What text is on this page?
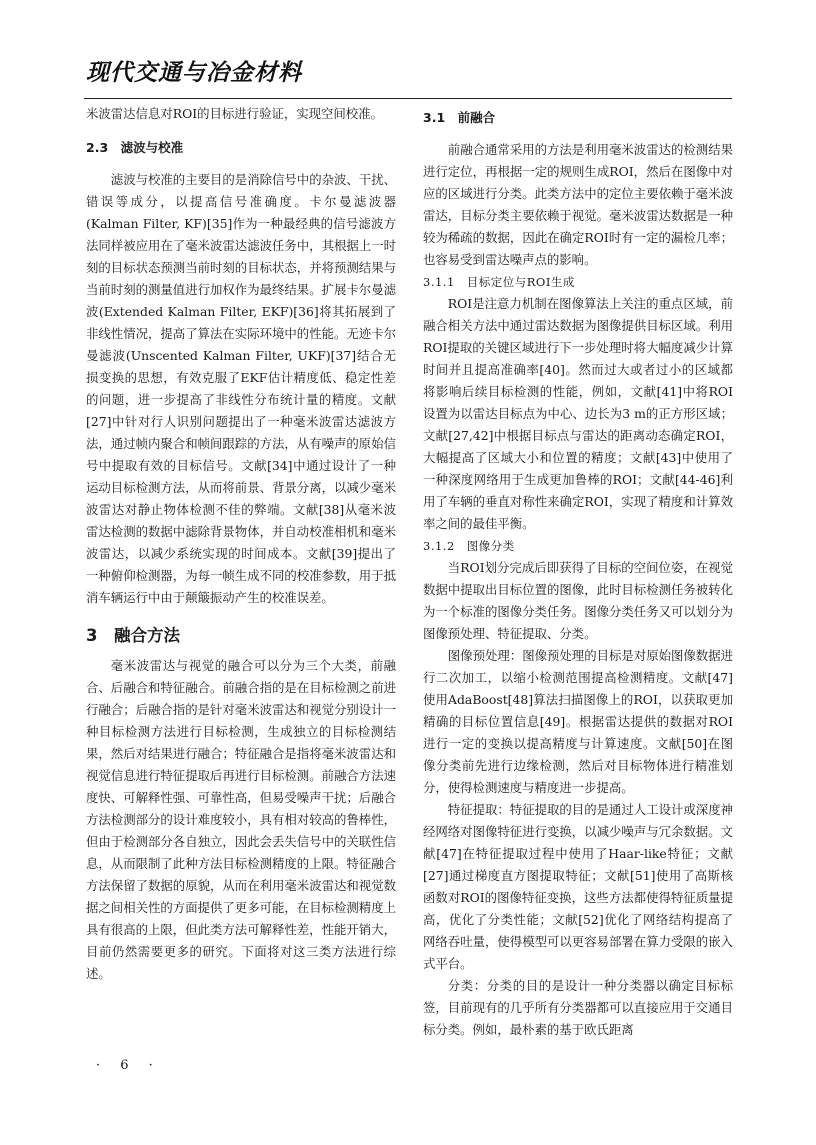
现代交通与冶金材料

米波雷达信息对ROI的目标进行验证，实现空间校准。

2.3　滤波与校准

滤波与校准的主要目的是消除信号中的杂波、干扰、错误等成分，以提高信号准确度。卡尔曼滤波器(Kalman Filter, KF)[35]作为一种最经典的信号滤波方法同样被应用在了毫米波雷达滤波任务中，其根据上一时刻的目标状态预测当前时刻的目标状态，并将预测结果与当前时刻的测量值进行加权作为最终结果。扩展卡尔曼滤波(Extended Kalman Filter, EKF)[36]将其拓展到了非线性情况，提高了算法在实际环境中的性能。无迹卡尔曼滤波(Unscented Kalman Filter, UKF)[37]结合无损变换的思想，有效克服了EKF估计精度低、稳定性差的问题，进一步提高了非线性分布统计量的精度。文献[27]中针对行人识别问题提出了一种毫米波雷达滤波方法，通过帧内聚合和帧间跟踪的方法，从有噪声的原始信号中提取有效的目标信号。文献[34]中通过设计了一种运动目标检测方法，从而将前景、背景分离，以减少毫米波雷达对静止物体检测不佳的弊端。文献[38]从毫米波雷达检测的数据中滤除背景物体，并自动校准相机和毫米波雷达，以减少系统实现的时间成本。文献[39]提出了一种俯仰检测器，为每一帧生成不同的校准参数，用于抵消车辆运行中由于颠簸振动产生的校准误差。

3　融合方法

毫米波雷达与视觉的融合可以分为三个大类，前融合、后融合和特征融合。前融合指的是在目标检测之前进行融合；后融合指的是针对毫米波雷达和视觉分别设计一种目标检测方法进行目标检测，生成独立的目标检测结果，然后对结果进行融合；特征融合是指将毫米波雷达和视觉信息进行特征提取后再进行目标检测。前融合方法速度快、可解释性强、可靠性高，但易受噪声干扰；后融合方法检测部分的设计难度较小，具有相对较高的鲁棒性，但由于检测部分各自独立，因此会丢失信号中的关联性信息，从而限制了此种方法目标检测精度的上限。特征融合方法保留了数据的原貌，从而在利用毫米波雷达和视觉数据之间相关性的方面提供了更多可能，在目标检测精度上具有很高的上限，但此类方法可解释性差，性能开销大，目前仍然需要更多的研究。下面将对这三类方法进行综述。

3.1　前融合

前融合通常采用的方法是利用毫米波雷达的检测结果进行定位，再根据一定的规则生成ROI，然后在图像中对应的区域进行分类。此类方法中的定位主要依赖于毫米波雷达，目标分类主要依赖于视觉。毫米波雷达数据是一种较为稀疏的数据，因此在确定ROI时有一定的漏检几率；也容易受到雷达噪声点的影响。

3.1.1　目标定位与ROI生成

ROI是注意力机制在图像算法上关注的重点区域，前融合相关方法中通过雷达数据为图像提供目标区域。利用ROI提取的关键区域进行下一步处理时将大幅度减少计算时间并且提高准确率[40]。然而过大或者过小的区域都将影响后续目标检测的性能，例如，文献[41]中将ROI设置为以雷达目标点为中心、边长为3 m的正方形区域；文献[27,42]中根据目标点与雷达的距离动态确定ROI，大幅提高了区域大小和位置的精度；文献[43]中使用了一种深度网络用于生成更加鲁棒的ROI；文献[44-46]利用了车辆的垂直对称性来确定ROI，实现了精度和计算效率之间的最佳平衡。

3.1.2　图像分类

当ROI划分完成后即获得了目标的空间位姿，在视觉数据中提取出目标位置的图像，此时目标检测任务被转化为一个标准的图像分类任务。图像分类任务又可以划分为图像预处理、特征提取、分类。

图像预处理：图像预处理的目标是对原始图像数据进行二次加工，以缩小检测范围提高检测精度。文献[47]使用AdaBoost[48]算法扫描图像上的ROI，以获取更加精确的目标位置信息[49]。根据雷达提供的数据对ROI进行一定的变换以提高精度与计算速度。文献[50]在图像分类前先进行边缘检测，然后对目标物体进行精准划分，使得检测速度与精度进一步提高。

特征提取：特征提取的目的是通过人工设计或深度神经网络对图像特征进行变换，以减少噪声与冗余数据。文献[47]在特征提取过程中使用了Haar-like特征；文献[27]通过梯度直方图提取特征；文献[51]使用了高斯核函数对ROI的图像特征变换，这些方法都使得特征质量提高，优化了分类性能；文献[52]优化了网络结构提高了网络吞吐量，使得模型可以更容易部署在算力受限的嵌入式平台。

分类：分类的目的是设计一种分类器以确定目标标签，目前现有的几乎所有分类器都可以直接应用于交通目标分类。例如，最朴素的基于欧氏距离

· 6 ·
